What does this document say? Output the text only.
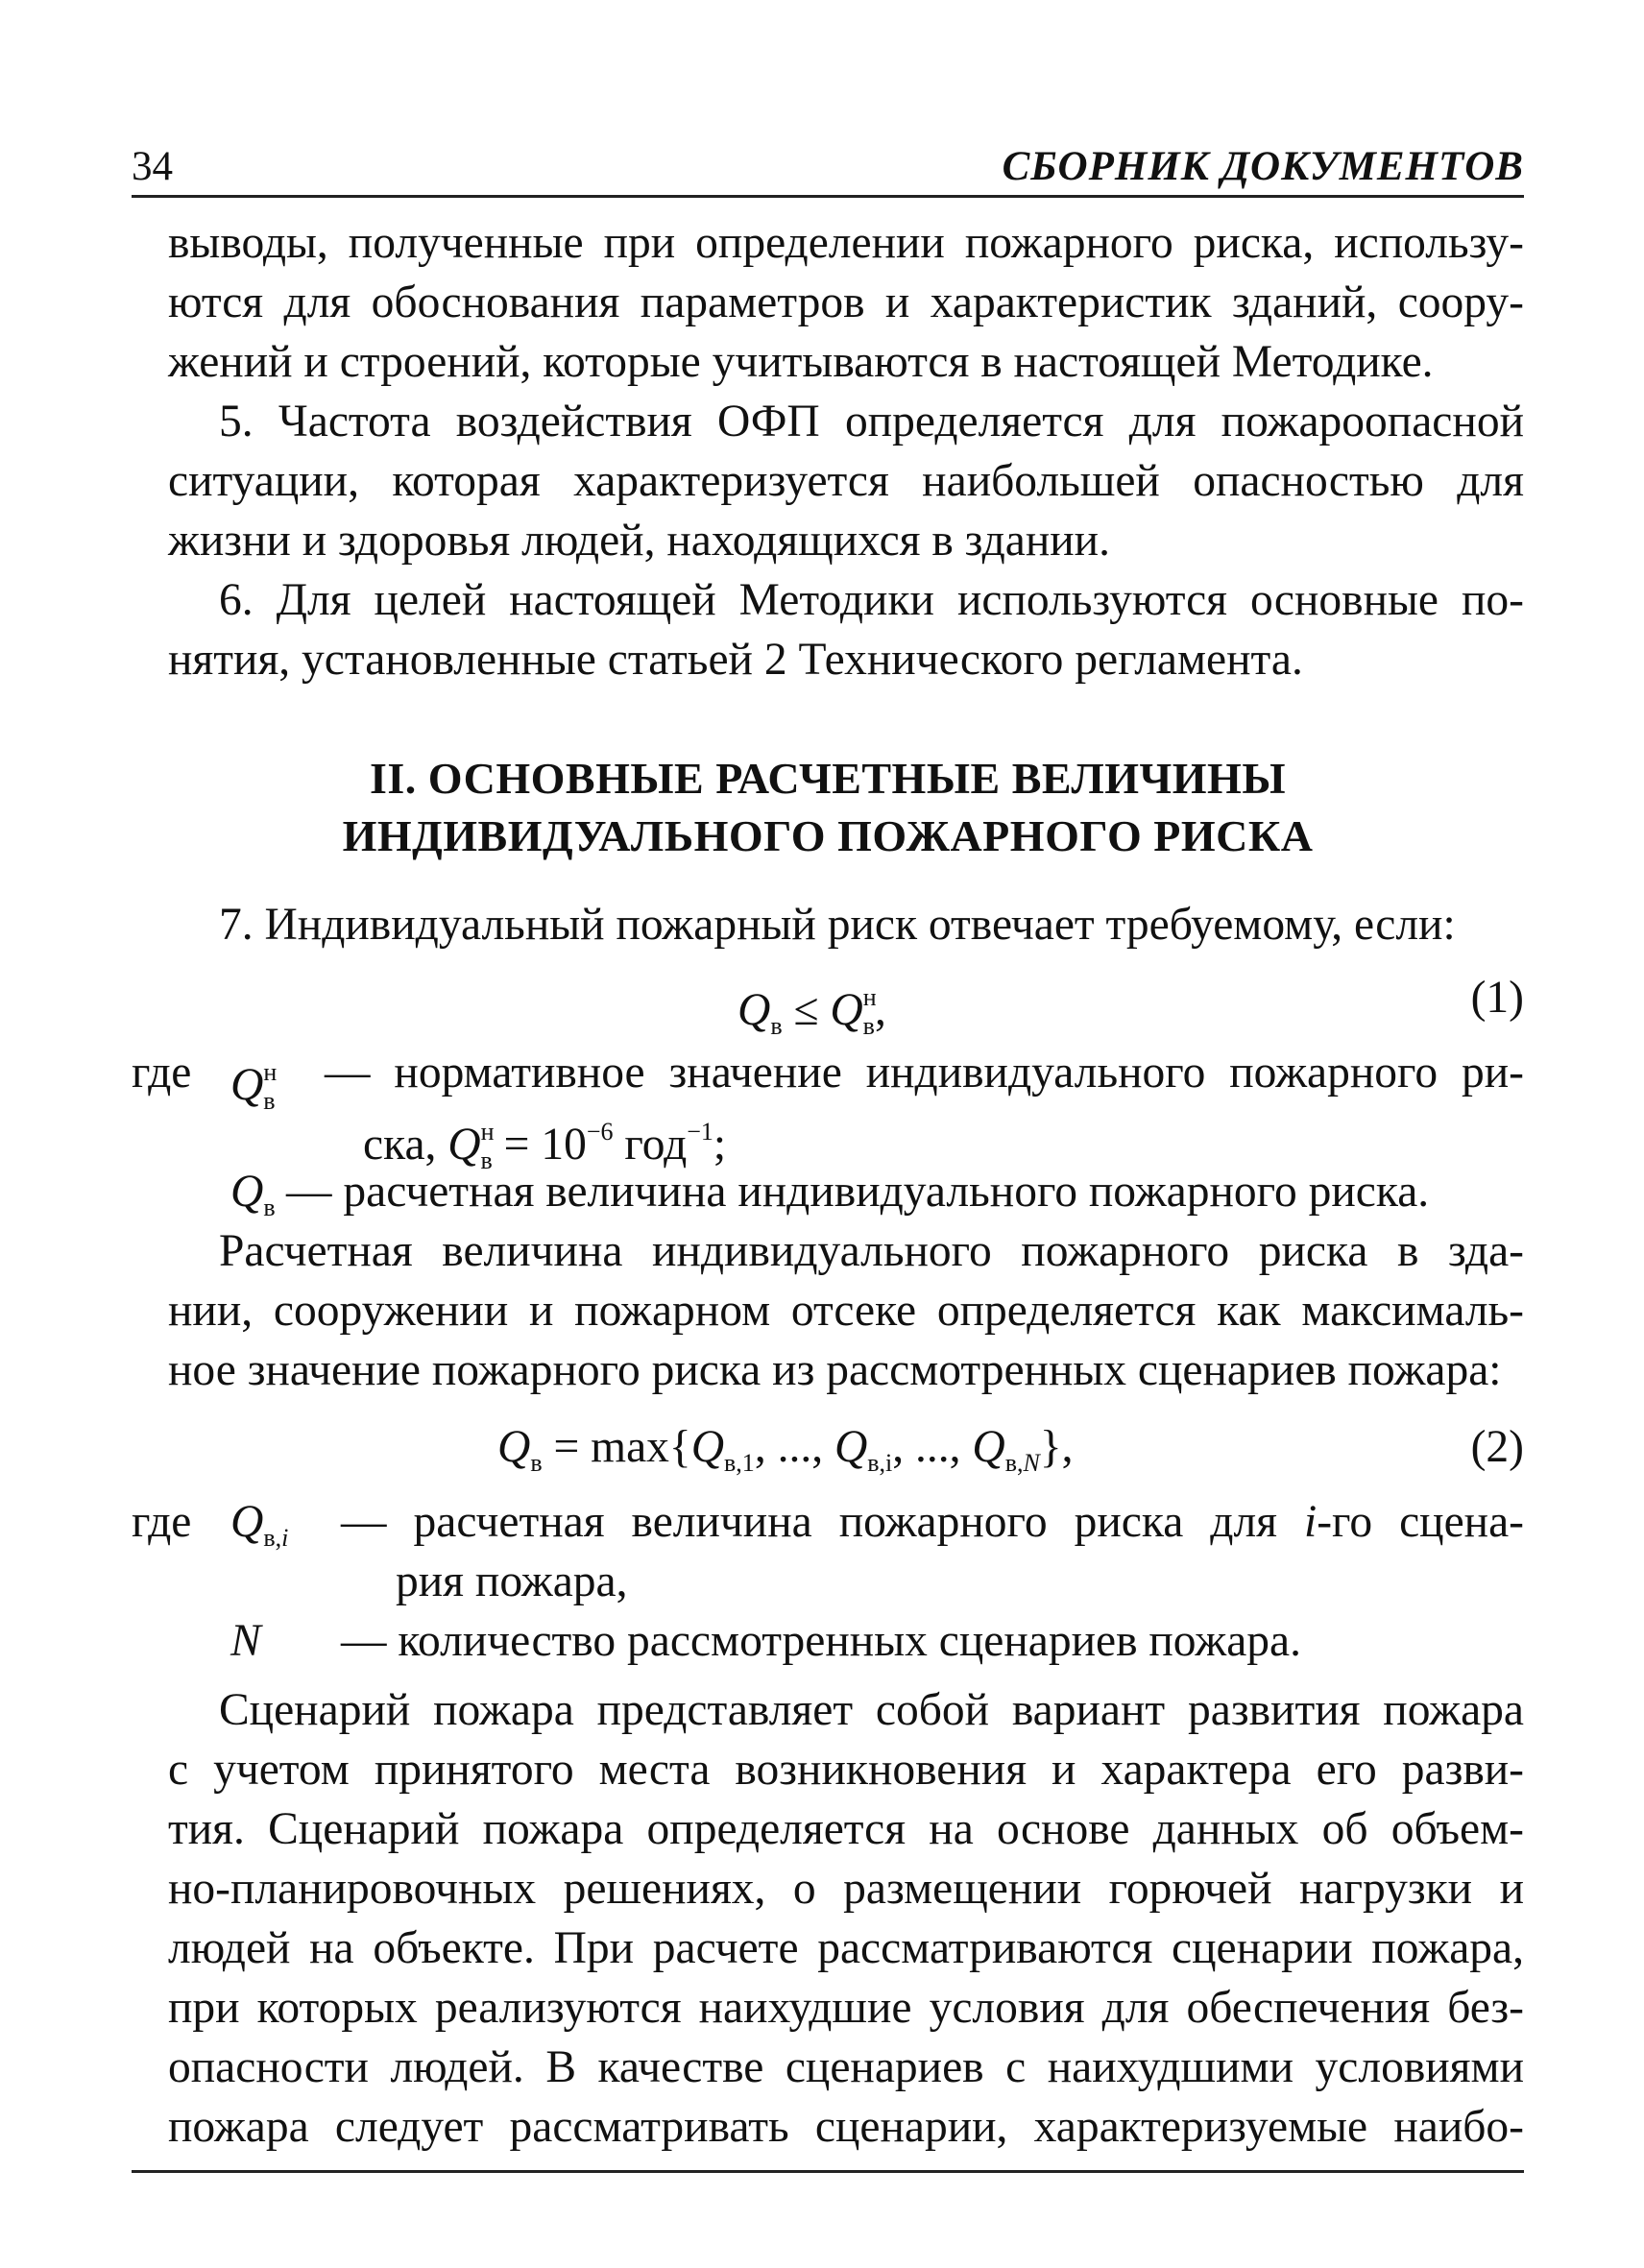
34	СБОРНИК ДОКУМЕНТОВ
выводы, полученные при определении пожарного риска, использу-
ются для обоснования параметров и характеристик зданий, соору-
жений и строений, которые учитываются в настоящей Методике.
5. Частота воздействия ОФП определяется для пожароопасной
ситуации, которая характеризуется наибольшей опасностью для
жизни и здоровья людей, находящихся в здании.
6. Для целей настоящей Методики используются основные по-
нятия, установленные статьей 2 Технического регламента.
II. ОСНОВНЫЕ РАСЧЕТНЫЕ ВЕЛИЧИНЫ
ИНДИВИДУАЛЬНОГО ПОЖАРНОГО РИСКА
7. Индивидуальный пожарный риск отвечает требуемому, если:
$Q_в \le Q^н_в$,	(1)
где $Q^н_в$
— нормативное значение индивидуального пожарного ри-
ска, $Q^н_в = 10^{-6}$ год$^{-1}$;
$Q_в$ — расчетная величина индивидуального пожарного риска.
Расчетная величина индивидуального пожарного риска в зда-
нии, сооружении и пожарном отсеке определяется как максималь-
ное значение пожарного риска из рассмотренных сценариев пожара:
$Q_в = \max\{Q_{в,1}$, ..., $Q_{в,i}$, ..., $Q_{в,N}$},	(2)
где $Q_{в,i}$ — расчетная величина пожарного риска для i-го сцена-
рия пожара,
N — количество рассмотренных сценариев пожара.
Сценарий пожара представляет собой вариант развития пожара
с учетом принятого места возникновения и характера его разви-
тия. Сценарий пожара определяется на основе данных об объем-
но-планировочных решениях, о размещении горючей нагрузки и
людей на объекте. При расчете рассматриваются сценарии пожара,
при которых реализуются наихудшие условия для обеспечения без-
опасности людей. В качестве сценариев с наихудшими условиями
пожара следует рассматривать сценарии, характеризуемые наибо-
